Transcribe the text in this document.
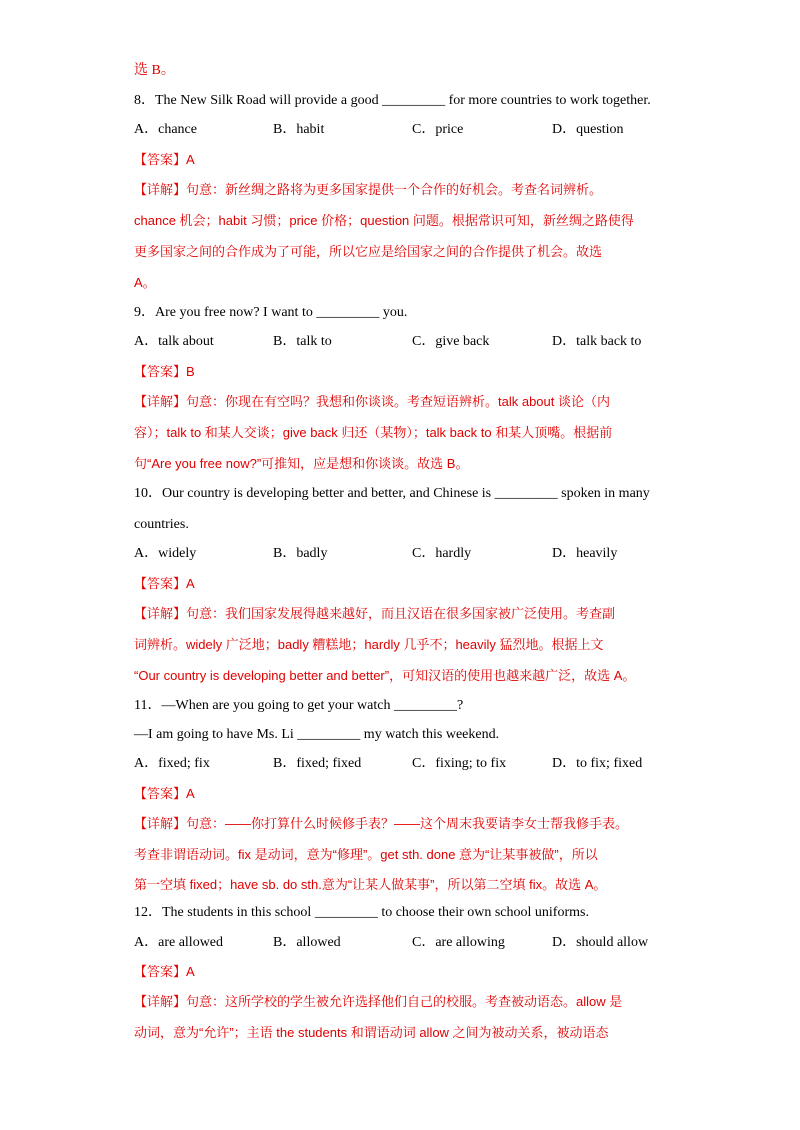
选 B。
8．The New Silk Road will provide a good _________ for more countries to work together.
A．chance	B．habit	C．price	D．question
【答案】A
【详解】句意：新丝绸之路将为更多国家提供一个合作的好机会。考查名词辨析。
chance 机会；habit 习惯；price 价格；question 问题。根据常识可知，新丝绸之路使得
更多国家之间的合作成为了可能，所以它应是给国家之间的合作提供了机会。故选
A。
9．Are you free now? I want to _________ you.
A．talk about	B．talk to	C．give back	D．talk back to
【答案】B
【详解】句意：你现在有空吗？我想和你谈谈。考查短语辨析。talk about 谈论（内
容）；talk to 和某人交谈；give back 归还（某物）；talk back to 和某人顶嘴。根据前
句“Are you free now?”可推知，应是想和你谈谈。故选 B。
10．Our country is developing better and better, and Chinese is _________ spoken in many
countries.
A．widely	B．badly	C．hardly	D．heavily
【答案】A
【详解】句意：我们国家发展得越来越好，而且汉语在很多国家被广泛使用。考查副
词辨析。widely 广泛地；badly 糟糕地；hardly 几乎不；heavily 猛烈地。根据上文
“Our country is developing better and better”，可知汉语的使用也越来越广泛，故选 A。
11．—When are you going to get your watch _________?
—I am going to have Ms. Li _________ my watch this weekend.
A．fixed; fix	B．fixed; fixed	C．fixing; to fix	D．to fix; fixed
【答案】A
【详解】句意：——你打算什么时候修手表？——这个周末我要请李女士帮我修手表。
考查非谓语动词。fix 是动词，意为“修理”。get sth. done 意为“让某事被做”，所以
第一空填 fixed；have sb. do sth.意为“让某人做某事”，所以第二空填 fix。故选 A。
12．The students in this school _________ to choose their own school uniforms.
A．are allowed	B．allowed	C．are allowing	D．should allow
【答案】A
【详解】句意：这所学校的学生被允许选择他们自己的校服。考查被动语态。allow 是
动词，意为“允许”；主语 the students 和谓语动词 allow 之间为被动关系，被动语态
